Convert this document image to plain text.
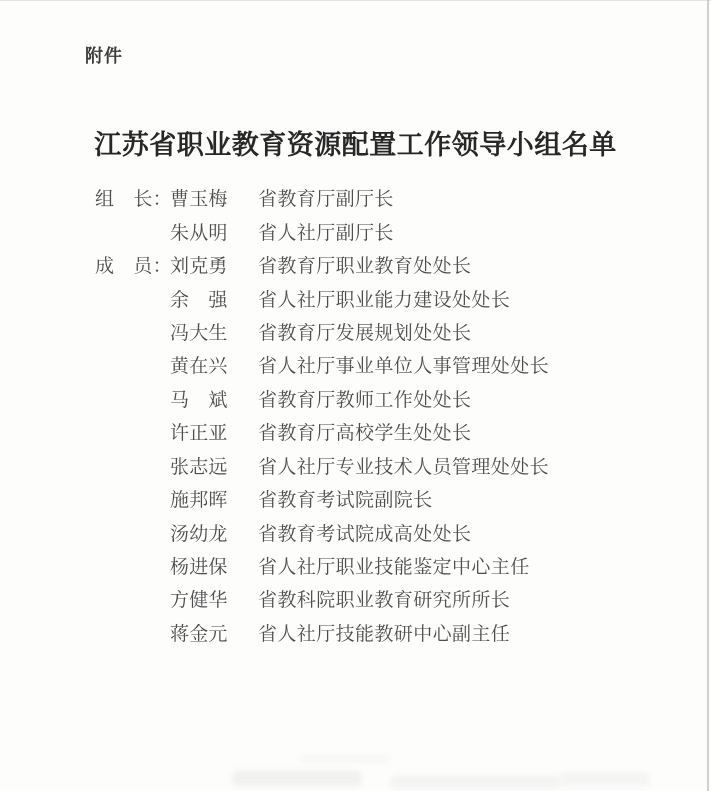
附件
江苏省职业教育资源配置工作领导小组名单
组　长：
曹玉梅 省教育厅副厅长
朱从明 省人社厅副厅长
成　员：
刘克勇 省教育厅职业教育处处长
余　强 省人社厅职业能力建设处处长
冯大生 省教育厅发展规划处处长
黄在兴 省人社厅事业单位人事管理处处长
马　斌 省教育厅教师工作处处长
许正亚 省教育厅高校学生处处长
张志远 省人社厅专业技术人员管理处处长
施邦晖 省教育考试院副院长
汤幼龙 省教育考试院成高处处长
杨进保 省人社厅职业技能鉴定中心主任
方健华 省教科院职业教育研究所所长
蒋金元 省人社厅技能教研中心副主任
